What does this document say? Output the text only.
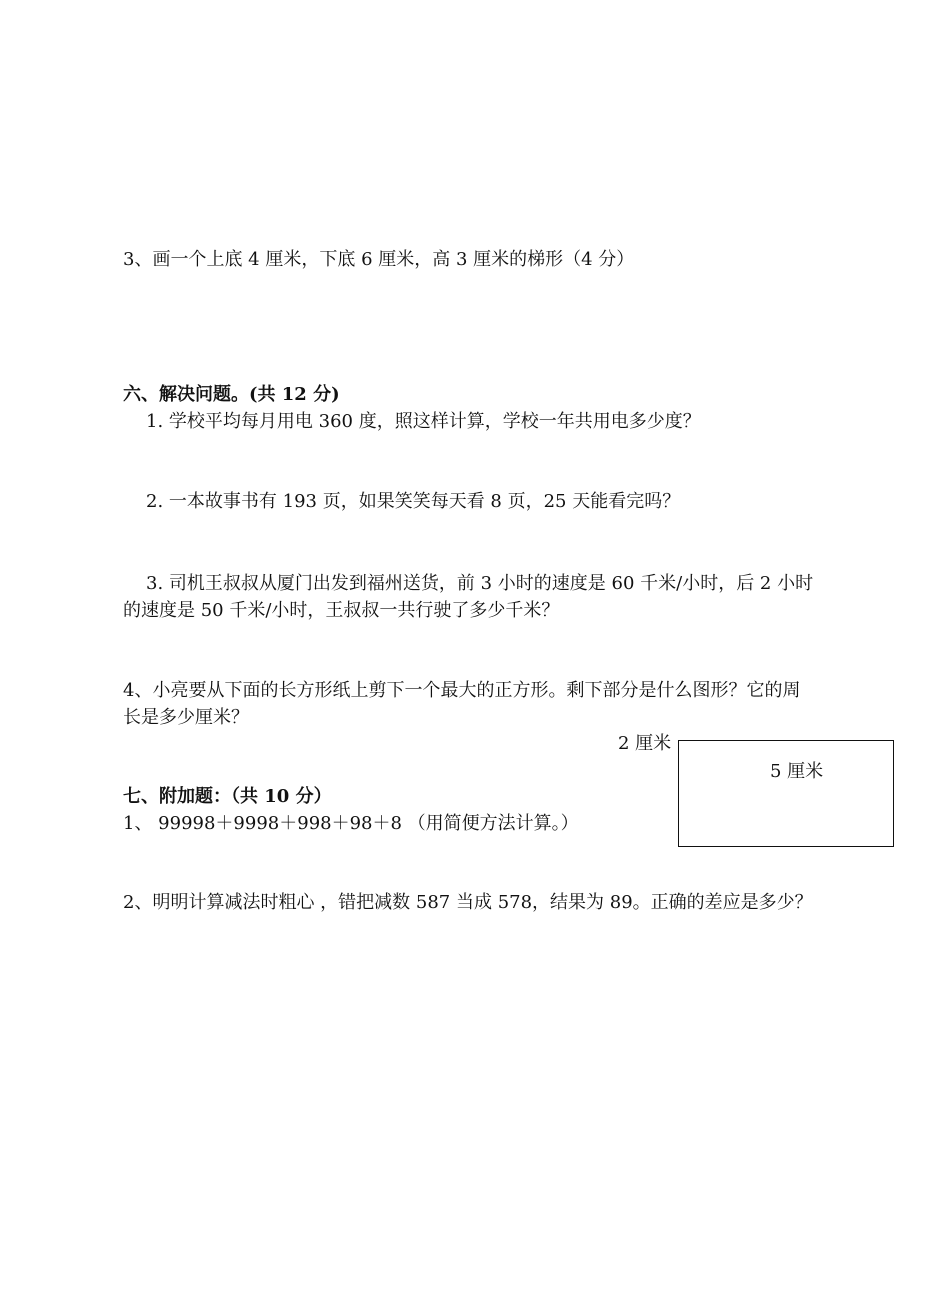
3、画一个上底 4 厘米，下底 6 厘米，高 3 厘米的梯形（4 分）
六、解决问题。(共 12 分)
1. 学校平均每月用电 360 度，照这样计算，学校一年共用电多少度？
2. 一本故事书有 193 页，如果笑笑每天看 8 页，25 天能看完吗？
3. 司机王叔叔从厦门出发到福州送货，前 3 小时的速度是 60 千米/小时，后 2 小时
的速度是 50 千米/小时，王叔叔一共行驶了多少千米？
4、小亮要从下面的长方形纸上剪下一个最大的正方形。剩下部分是什么图形？它的周
长是多少厘米？
2 厘米
5 厘米
七、附加题：（共 10 分）
1、 99998＋9998＋998＋98＋8 （用简便方法计算。）
2、明明计算减法时粗心 ，错把减数 587 当成 578，结果为 89。正确的差应是多少？
